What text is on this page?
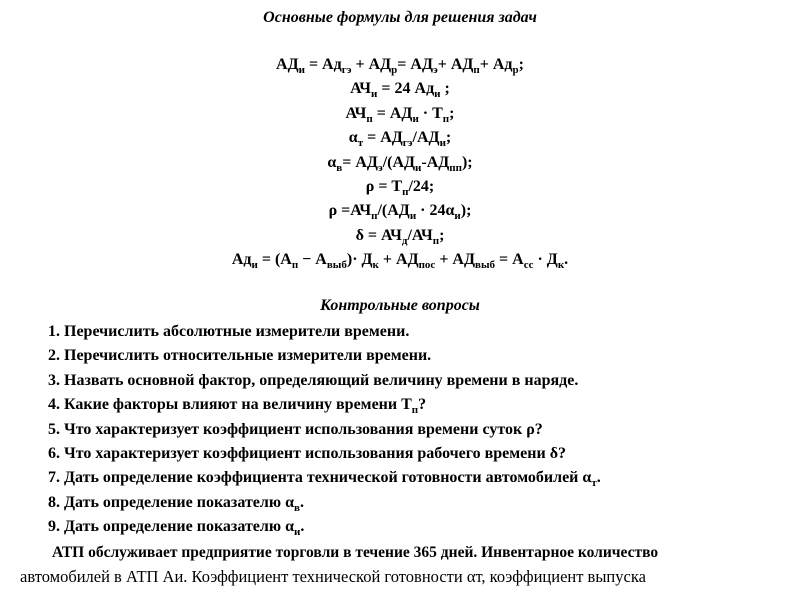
Основные формулы для решения задач
$АД_и = Ад_{гэ} + АД_р= АД_э+ АД_п+ Ад_р$;
$АЧ_и = 24$ $Ад_и$ ;
$АЧ_п = АД_и \cdot Т_п$;
$\alpha_т = АД_{гэ}/АД_и$;
$\alpha_в= АД_э/(АД_и-АД_{пп})$;
$\rho = Т_п/24$;
$\rho =АЧ_п/(АД_и \cdot 24\alpha_и)$;
$\delta = АЧ_д/АЧ_п$;
$Ад_и = (А_п - А_{выб})\cdot Д_к + АД_{пос} + АД_{выб} = А_{сс} \cdot Д_к$.
Контрольные вопросы
1. Перечислить абсолютные измерители времени.
2. Перечислить относительные измерители времени.
3. Назвать основной фактор, определяющий величину времени в наряде.
4. Какие факторы влияют на величину времени $Т_п$?
5. Что характеризует коэффициент использования времени суток ρ?
6. Что характеризует коэффициент использования рабочего времени δ?
7. Дать определение коэффициента технической готовности автомобилей $\alpha_т$.
8. Дать определение показателю $\alpha_в$.
9. Дать определение показателю $\alpha_и$.
АТП обслуживает предприятие торговли в течение 365 дней. Инвентарное количество
автомобилей в АТП Аи. Коэффициент технической готовности αт, коэффициент выпуска
